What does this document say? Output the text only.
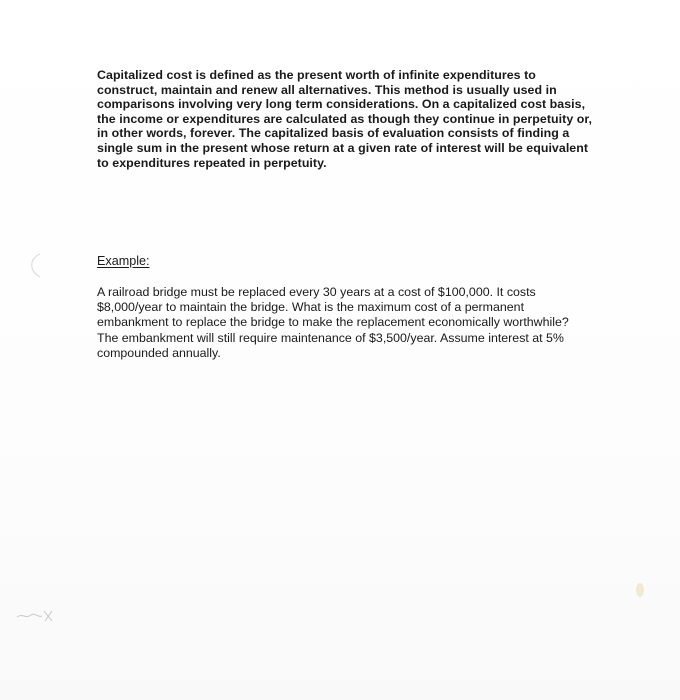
Capitalized cost is defined as the present worth of infinite expenditures to construct, maintain and renew all alternatives. This method is usually used in comparisons involving very long term considerations. On a capitalized cost basis, the income or expenditures are calculated as though they continue in perpetuity or, in other words, forever. The capitalized basis of evaluation consists of finding a single sum in the present whose return at a given rate of interest will be equivalent to expenditures repeated in perpetuity.

Example:

A railroad bridge must be replaced every 30 years at a cost of $100,000. It costs $8,000/year to maintain the bridge. What is the maximum cost of a permanent embankment to replace the bridge to make the replacement economically worthwhile? The embankment will still require maintenance of $3,500/year. Assume interest at 5% compounded annually.
